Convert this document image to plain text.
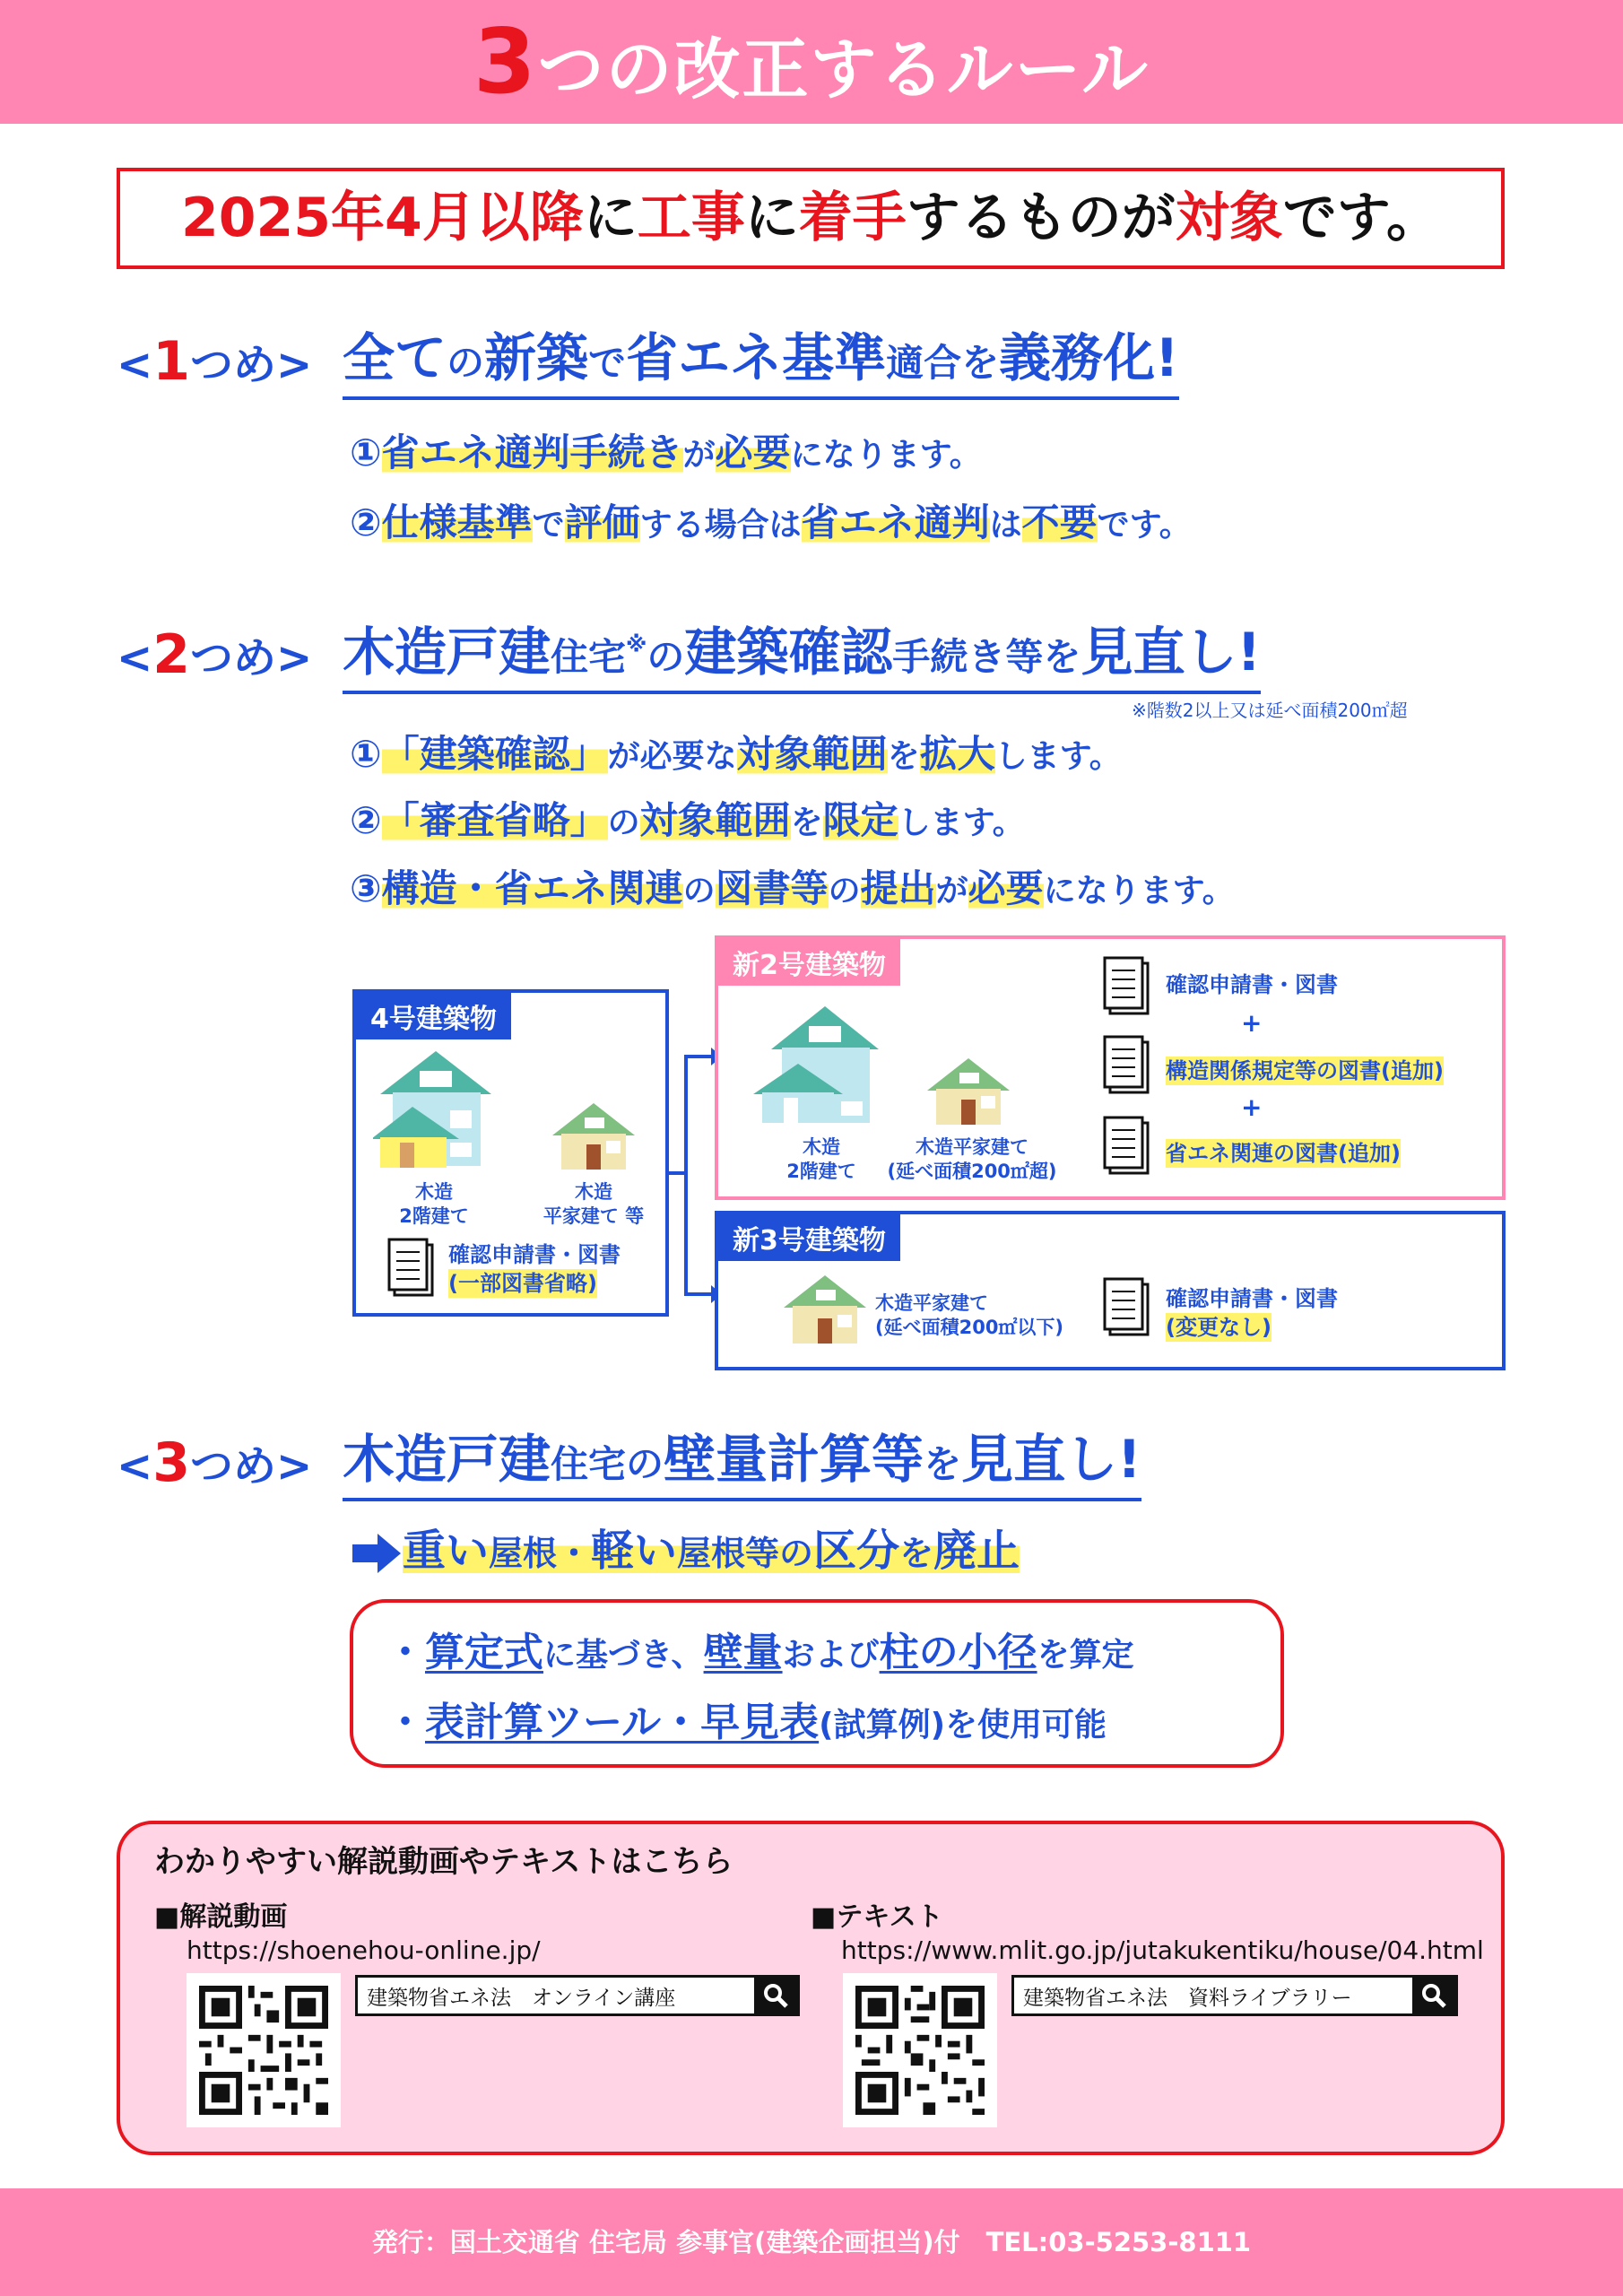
3つの改正するルール
2025年4月以降に工事に着手するものが対象です。
<1つめ> 全ての新築で省エネ基準適合を義務化!
①省エネ適判手続きが必要になります。
②仕様基準で評価する場合は省エネ適判は不要です。
<2つめ> 木造戸建住宅※の建築確認手続き等を見直し!
※階数2以上又は延べ面積200㎡超
①「建築確認」が必要な対象範囲を拡大します。
②「審査省略」の対象範囲を限定します。
③構造・省エネ関連の図書等の提出が必要になります。
4号建築物
木造
2階建て
木造
平家建て 等
確認申請書・図書
(一部図書省略)
新2号建築物
木造
2階建て
木造平家建て
(延べ面積200㎡超)
確認申請書・図書
+
構造関係規定等の図書(追加)
+
省エネ関連の図書(追加)
新3号建築物
木造平家建て
(延べ面積200㎡以下)
確認申請書・図書
(変更なし)
<3つめ> 木造戸建住宅の壁量計算等を見直し!
重い屋根・軽い屋根等の区分を廃止
・算定式に基づき、壁量および柱の小径を算定
・表計算ツール・早見表(試算例)を使用可能
わかりやすい解説動画やテキストはこちら
■解説動画
https://shoenehou-online.jp/
建築物省エネ法　オンライン講座
■テキスト
https://www.mlit.go.jp/jutakukentiku/house/04.html
建築物省エネ法　資料ライブラリー
発行：国土交通省 住宅局 参事官(建築企画担当)付　TEL:03-5253-8111
